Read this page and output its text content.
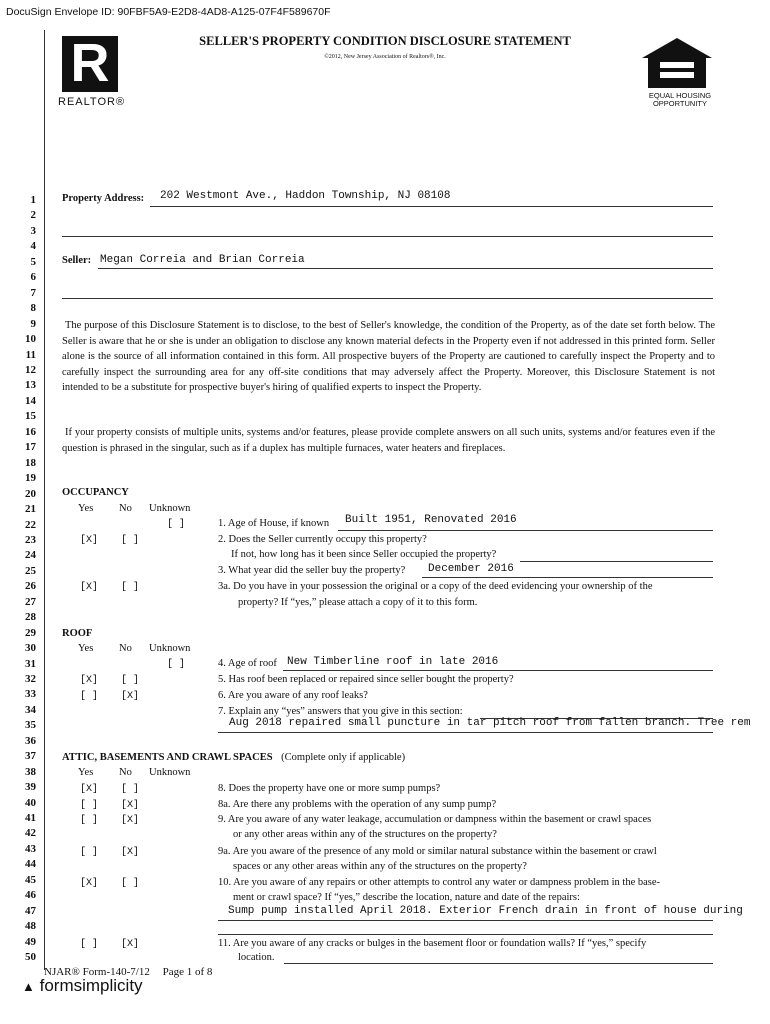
DocuSign Envelope ID: 90FBF5A9-E2D8-4AD8-A125-07F4F589670F
R
REALTOR®
SELLER'S PROPERTY CONDITION DISCLOSURE STATEMENT
©2012, New Jersey Association of Realtors®, Inc.
EQUAL HOUSING
OPPORTUNITY
1
2
3
4
5
6
7
8
9
10
11
12
13
14
15
16
17
18
19
20
21
22
23
24
25
26
27
28
29
30
31
32
33
34
35
36
37
38
39
40
41
42
43
44
45
46
47
48
49
50
Property Address: 202 Westmont Ave., Haddon Township, NJ 08108
Seller: Megan Correia and Brian Correia
The purpose of this Disclosure Statement is to disclose, to the best of Seller's knowledge, the condition of the Property, as of the date set forth below. The Seller is aware that he or she is under an obligation to disclose any known material defects in the Property even if not addressed in this printed form. Seller alone is the source of all information contained in this form. All prospective buyers of the Property are cautioned to carefully inspect the Property and to carefully inspect the surrounding area for any off-site conditions that may adversely affect the Property. Moreover, this Disclosure Statement is not intended to be a substitute for prospective buyer's hiring of qualified experts to inspect the Property.
If your property consists of multiple units, systems and/or features, please provide complete answers on all such units, systems and/or features even if the question is phrased in the singular, such as if a duplex has multiple furnaces, water heaters and fireplaces.
OCCUPANCY
Yes No Unknown
[ ]	1. Age of House, if known Built 1951, Renovated 2016
[X] [ ]	2. Does the Seller currently occupy this property?
If not, how long has it been since Seller occupied the property?
3. What year did the seller buy the property? December 2016
[X] [ ]	3a. Do you have in your possession the original or a copy of the deed evidencing your ownership of the
property? If “yes,” please attach a copy of it to this form.
ROOF
Yes No Unknown
[ ]	4. Age of roof New Timberline roof in late 2016
[X] [ ]	5. Has roof been replaced or repaired since seller bought the property?
[ ] [X]	6. Are you aware of any roof leaks?
7. Explain any “yes” answers that you give in this section:
Aug 2018 repaired small puncture in tar pitch roof from fallen branch. Tree rem
ATTIC, BASEMENTS AND CRAWL SPACES (Complete only if applicable)
Yes No Unknown
[X] [ ]	8. Does the property have one or more sump pumps?
[ ] [X]	8a. Are there any problems with the operation of any sump pump?
[ ] [X]	9. Are you aware of any water leakage, accumulation or dampness within the basement or crawl spaces
or any other areas within any of the structures on the property?
[ ] [X]	9a. Are you aware of the presence of any mold or similar natural substance within the basement or crawl
spaces or any other areas within any of the structures on the property?
[X] [ ]	10. Are you aware of any repairs or other attempts to control any water or dampness problem in the base-
ment or crawl space? If “yes,” describe the location, nature and date of the repairs:
Sump pump installed April 2018. Exterior French drain in front of house during
[ ] [X]	11. Are you aware of any cracks or bulges in the basement floor or foundation walls? If “yes,” specify
location.
NJAR® Form-140-7/12 Page 1 of 8
▲ formsimplicity
